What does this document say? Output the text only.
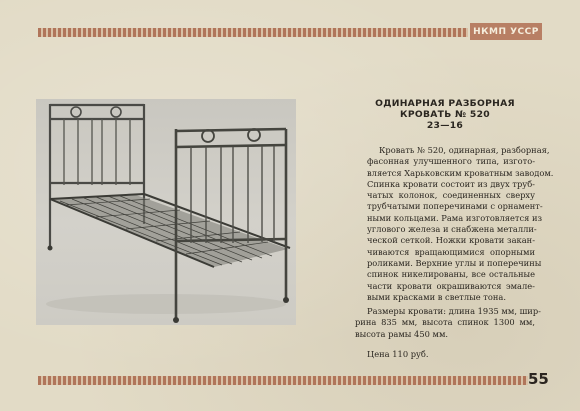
НКМП УССР
ОДИНАРНАЯ РАЗБОРНАЯ
КРОВАТЬ № 520
23—16
Кровать № 520, одинарная, разборная,
фасонная улучшенного типа, изгото-
вляется Харьковским кроватным заводом.
Спинка кровати состоит из двух труб-
чатых колонок, соединенных сверху
трубчатыми поперечинами с орнамент-
ными кольцами. Рама изготовляется из
углового железа и снабжена металли-
ческой сеткой. Ножки кровати закан-
чиваются вращающимися опорными
роликами. Верхние углы и поперечины
спинок никелированы, все остальные
части кровати окрашиваются эмале-
выми красками в светлые тона.
Размеры кровати: длина 1935 мм, шир-
рина 835 мм, высота спинок 1300 мм,
высота рамы 450 мм.
Цена 110 руб.
55
